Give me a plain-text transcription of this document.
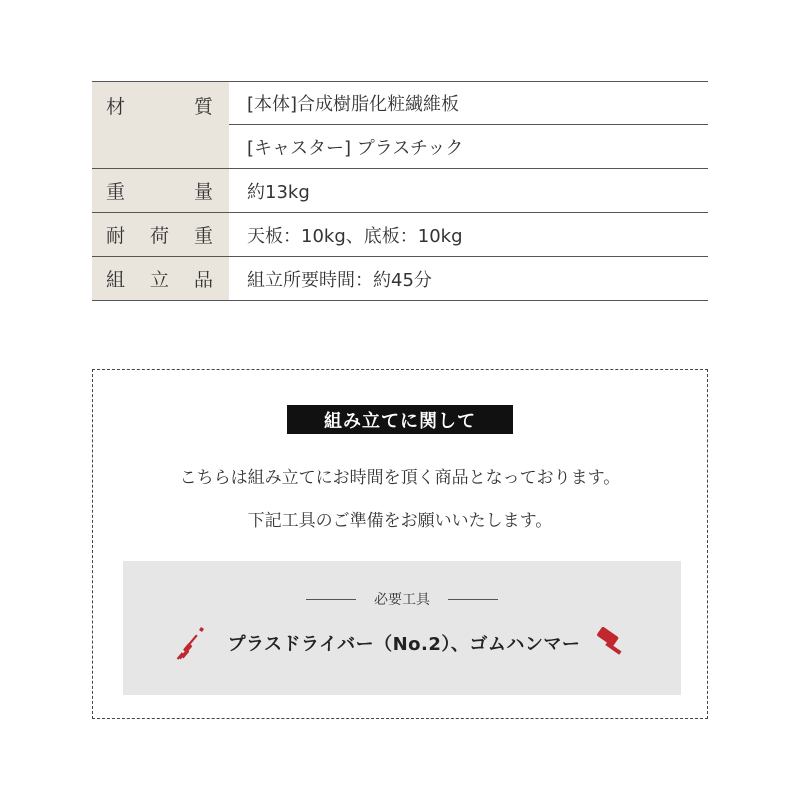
材	質	[本体]合成樹脂化粧繊維板
[キャスター] プラスチック
重	量	約13kg
耐 荷 重	天板：10kg、底板：10kg
組 立 品	組立所要時間：約45分
組み立てに関して
こちらは組み立てにお時間を頂く商品となっております。
下記工具のご準備をお願いいたします。
必要工具
プラスドライバー（No.2）、ゴムハンマー
